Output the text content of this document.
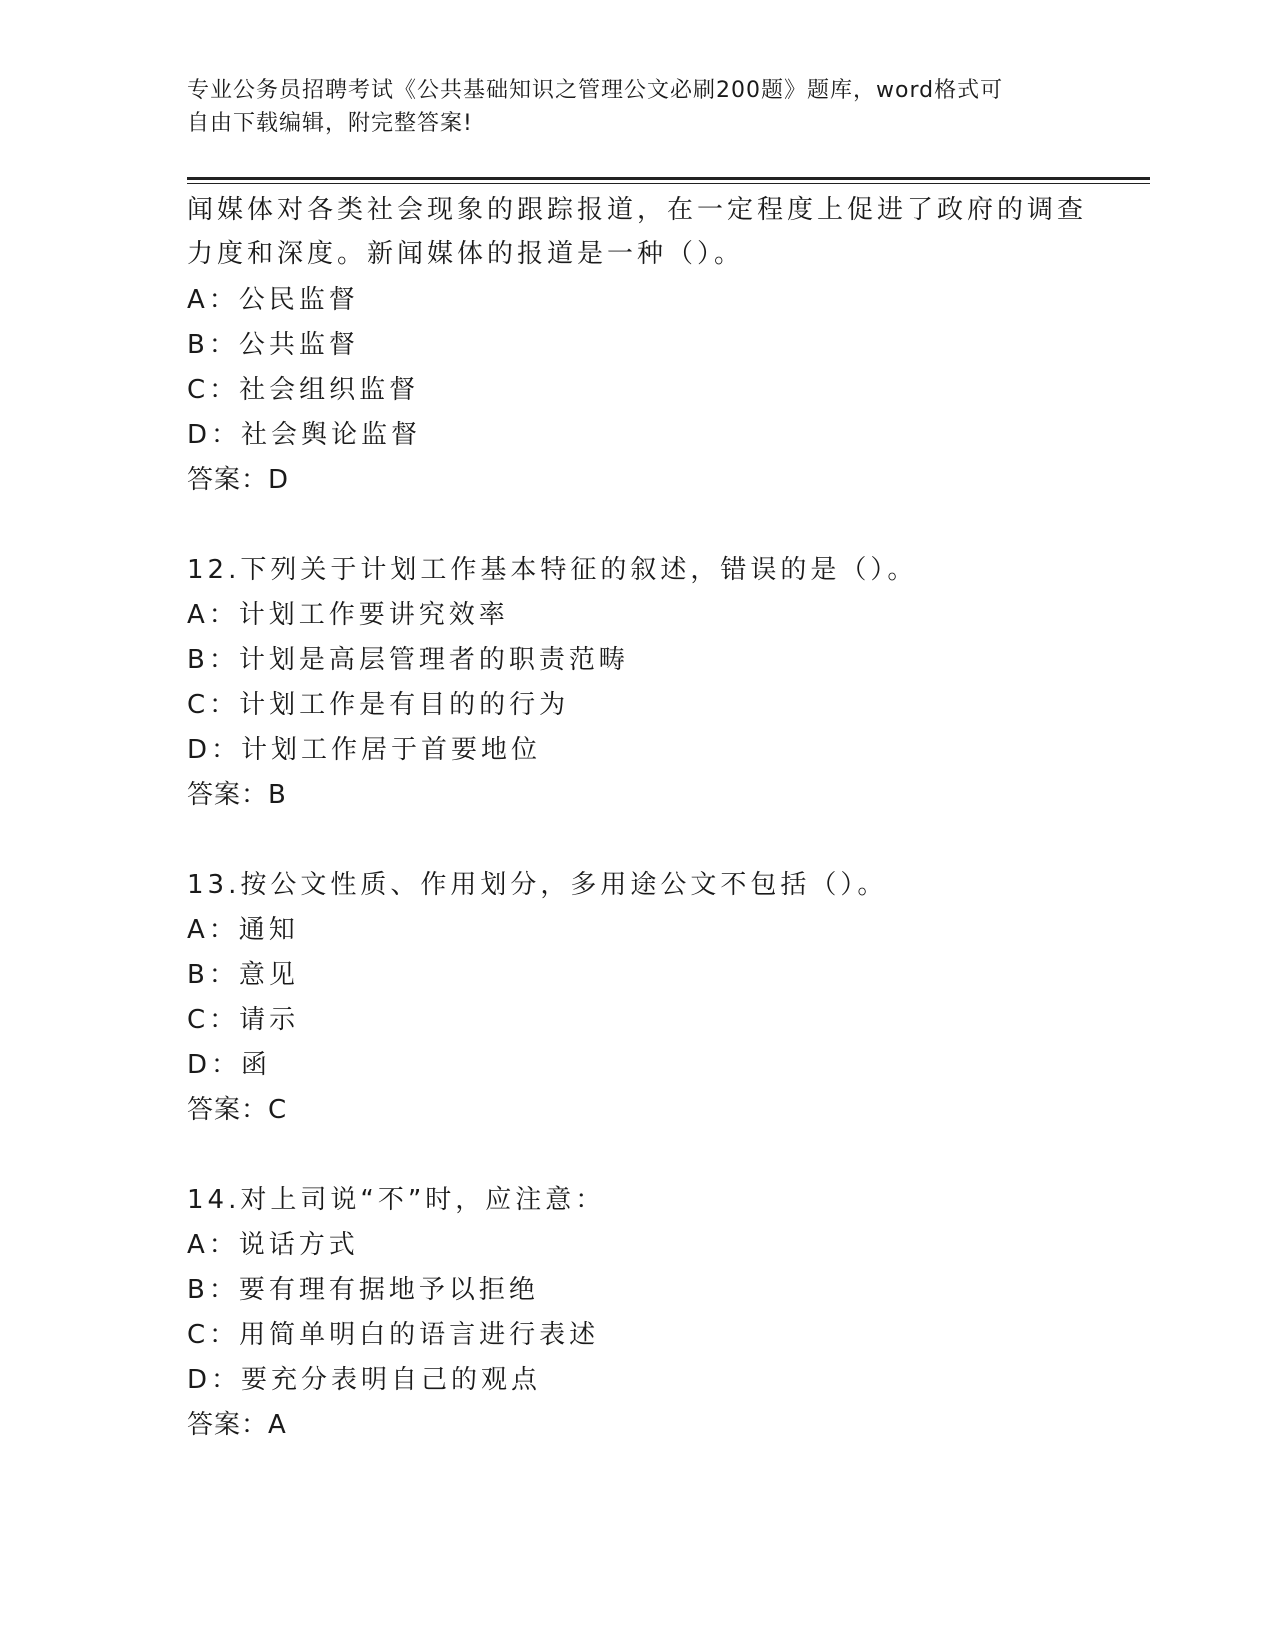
专业公务员招聘考试《公共基础知识之管理公文必刷200题》题库，word格式可
自由下载编辑，附完整答案!
闻媒体对各类社会现象的跟踪报道，在一定程度上促进了政府的调查
力度和深度。新闻媒体的报道是一种（）。
A：公民监督
B：公共监督
C：社会组织监督
D：社会舆论监督
答案：D
12.下列关于计划工作基本特征的叙述，错误的是（）。
A：计划工作要讲究效率
B：计划是高层管理者的职责范畴
C：计划工作是有目的的行为
D：计划工作居于首要地位
答案：B
13.按公文性质、作用划分，多用途公文不包括（）。
A：通知
B：意见
C：请示
D：函
答案：C
14.对上司说“不”时，应注意：
A：说话方式
B：要有理有据地予以拒绝
C：用简单明白的语言进行表述
D：要充分表明自己的观点
答案：A
